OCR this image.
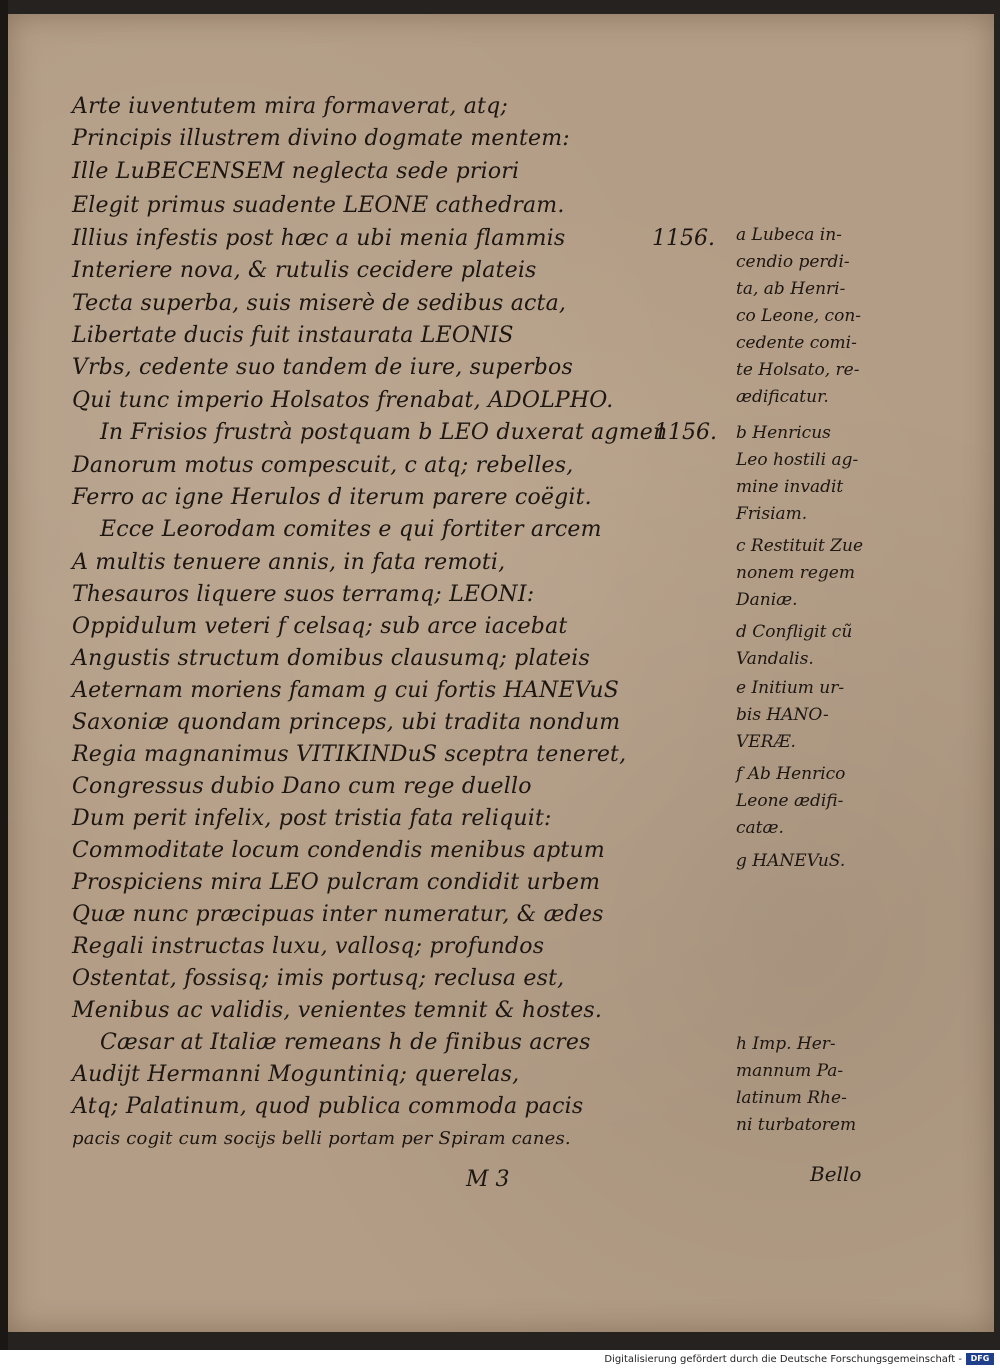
Arte iuventutem mira formaverat, atq;
Principis illustrem divino dogmate mentem:
Ille LuBECENSEM neglecta sede priori
Elegit primus suadente LEONE cathedram.
Illius infestis post hæc a ubi menia flammis
Interiere nova, & rutulis cecidere plateis
Tecta superba, suis miserè de sedibus acta,
Libertate ducis fuit instaurata LEONIS
Vrbs, cedente suo tandem de iure, superbos
Qui tunc imperio Holsatos frenabat, ADOLPHO.
In Frisios frustrà postquam b LEO duxerat agmen
Danorum motus compescuit, c atq; rebelles,
Ferro ac igne Herulos d iterum parere coëgit.
Ecce Leorodam comites e qui fortiter arcem
A multis tenuere annis, in fata remoti,
Thesauros liquere suos terramq; LEONI:
Oppidulum veteri f celsaq; sub arce iacebat
Angustis structum domibus clausumq; plateis
Aeternam moriens famam g cui fortis HANEVuS
Saxoniæ quondam princeps, ubi tradita nondum
Regia magnanimus VITIKINDuS sceptra teneret,
Congressus dubio Dano cum rege duello
Dum perit infelix, post tristia fata reliquit:
Commoditate locum condendis menibus aptum
Prospiciens mira LEO pulcram condidit urbem
Quæ nunc præcipuas inter numeratur, & ædes
Regali instructas luxu, vallosq; profundos
Ostentat, fossisq; imis portusq; reclusa est,
Menibus ac validis, venientes temnit & hostes.
Cæsar at Italiæ remeans h de finibus acres
Audijt Hermanni Moguntiniq; querelas,
Atq; Palatinum, quod publica commoda pacis
pacis cogit cum socijs belli portam per Spiram canes.
1156.
1156.
a Lubeca in-
cendio perdi-
ta, ab Henri-
co Leone, con-
cedente comi-
te Holsato, re-
ædificatur.
b Henricus
Leo hostili ag-
mine invadit
Frisiam.
c Restituit Zue
nonem regem
Daniæ.
d Confligit cũ
Vandalis.
e Initium ur-
bis HANO-
VERÆ.
f Ab Henrico
Leone ædifi-
catæ.
g HANEVuS.
h Imp. Her-
mannum Pa-
latinum Rhe-
ni turbatorem
M 3	Bello
Digitalisierung gefördert durch die Deutsche Forschungsgemeinschaft -	DFG
